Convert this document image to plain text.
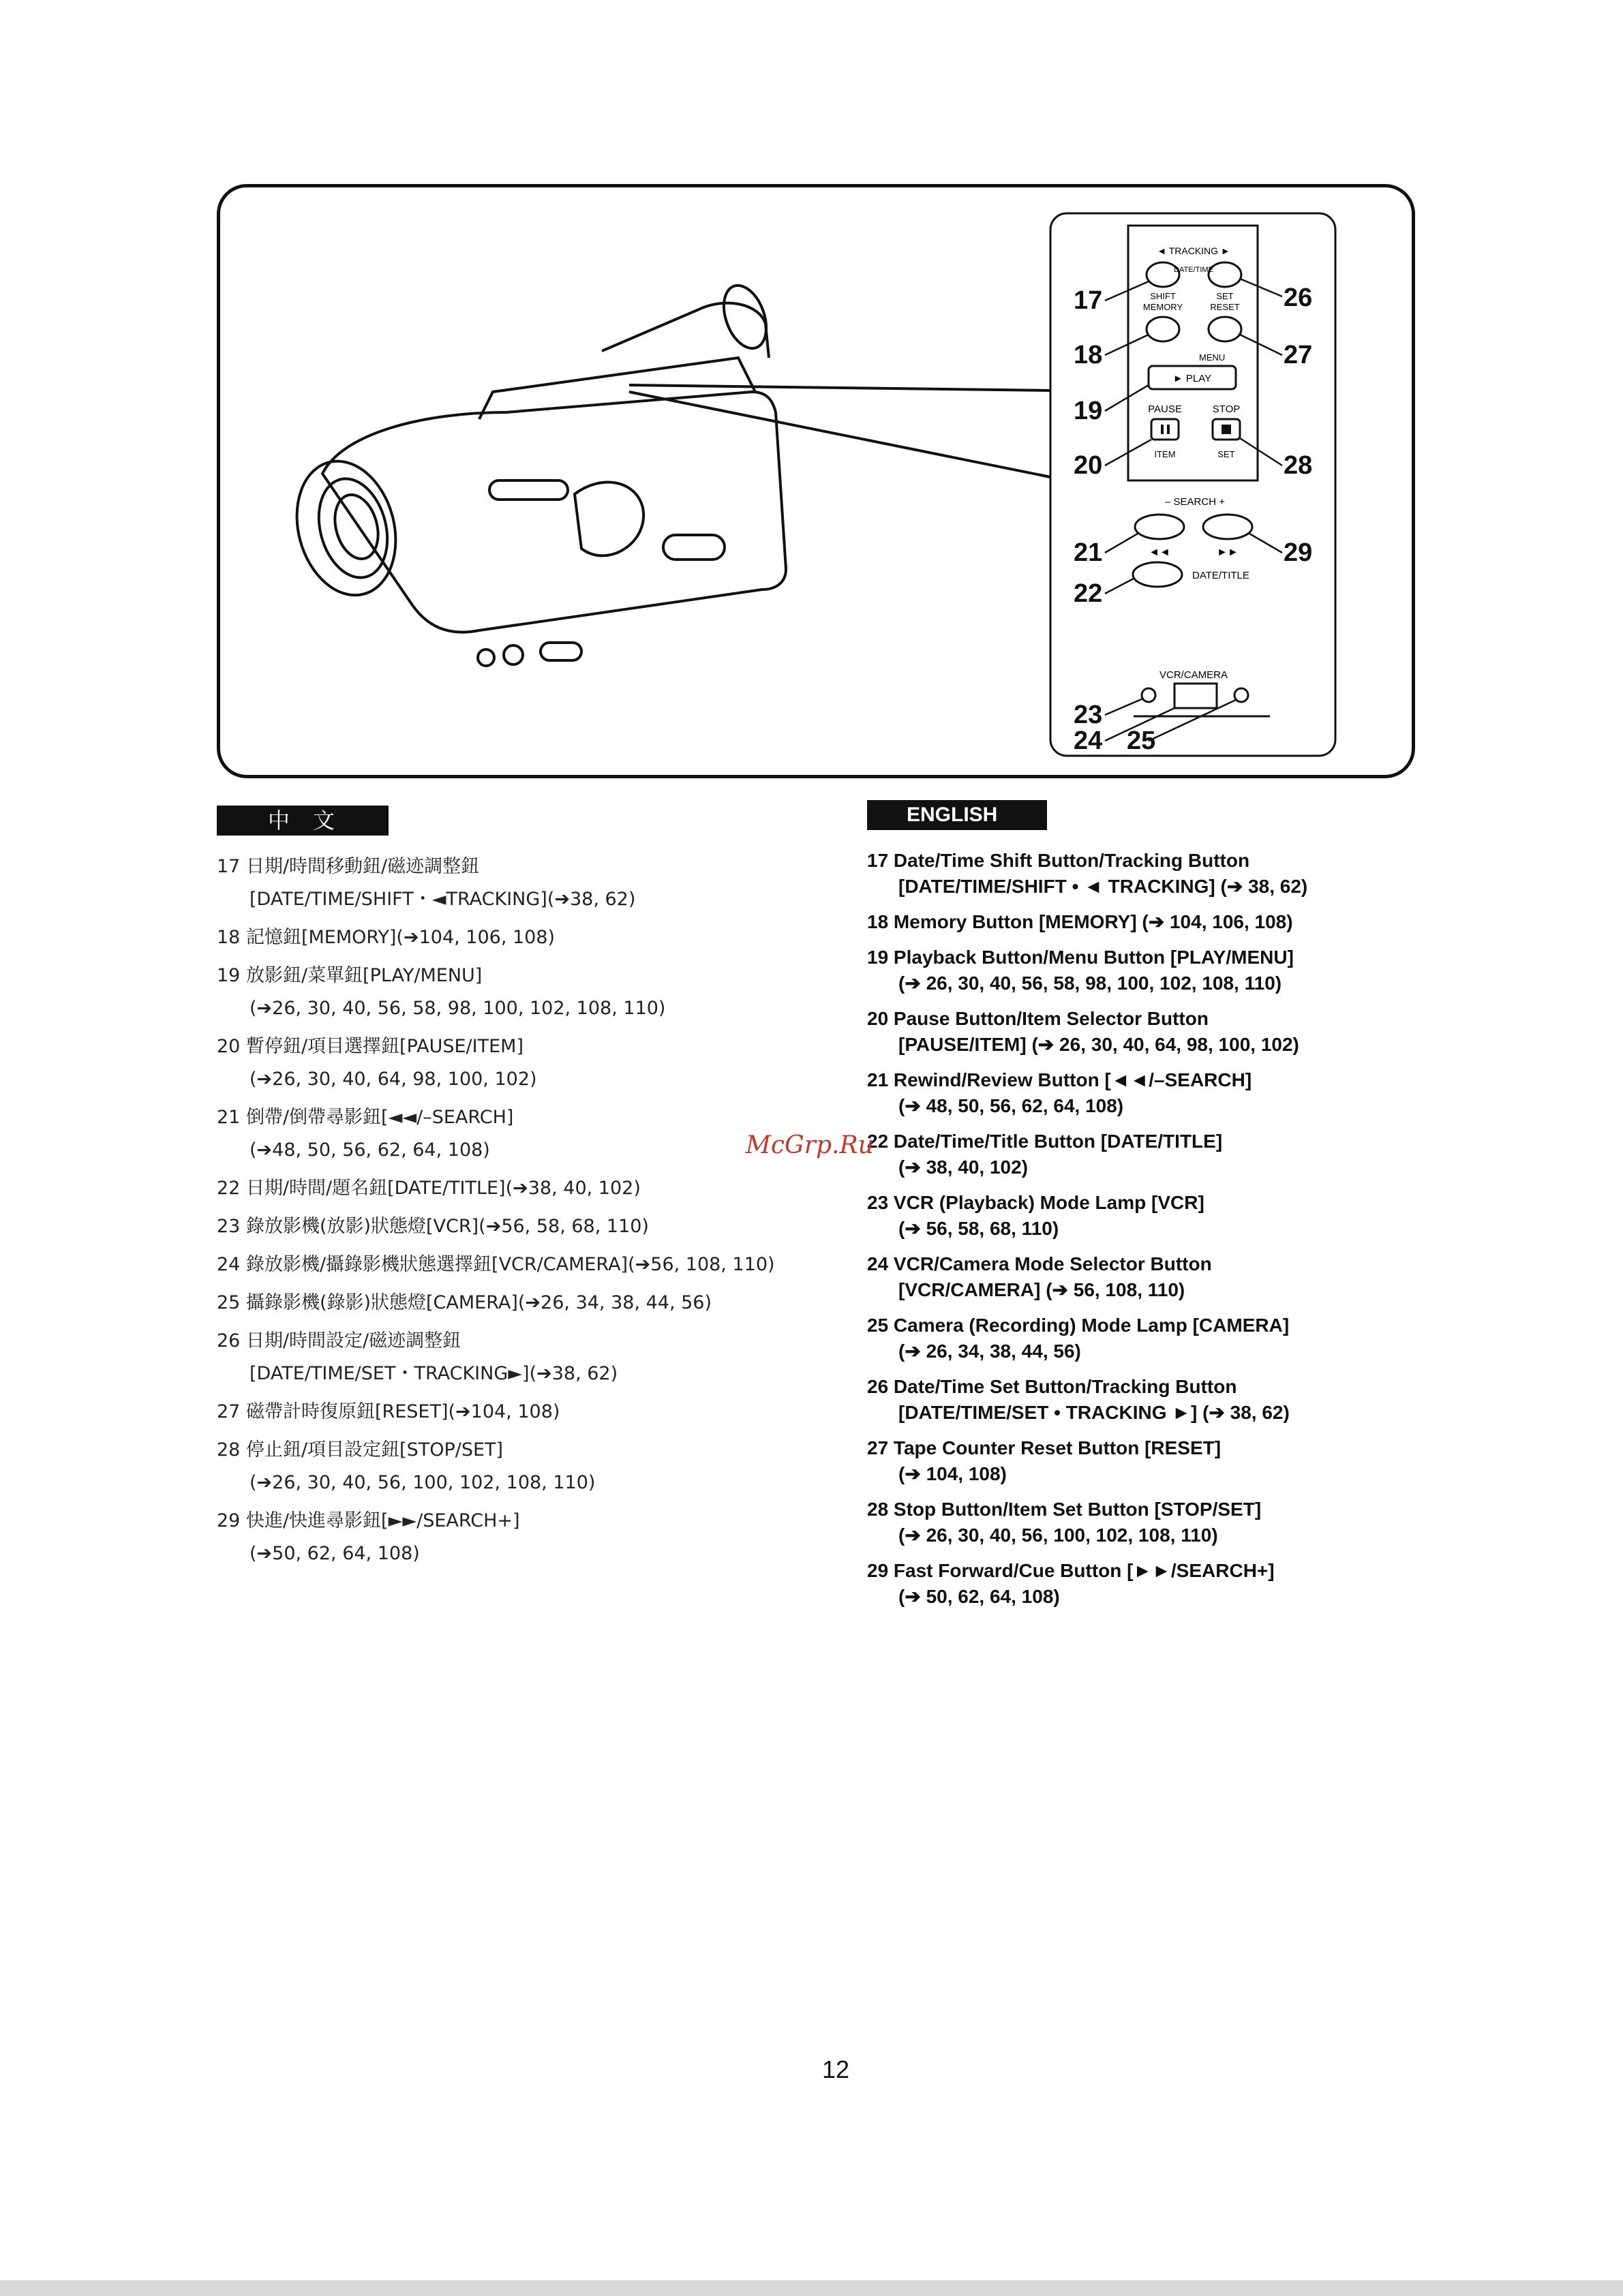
◄ TRACKING ►
DATE/TIME
SHIFT	SET
MEMORY	RESET
MENU
► PLAY
PAUSE	STOP
ITEM	SET
– SEARCH +
◄◄	►►
DATE/TITLE
VCR/CAMERA
17	26
18	27
19
20	28
21	29
22
23
24 25
中文	ENGLISH
17 日期/時間移動鈕/磁迹調整鈕
[DATE/TIME/SHIFT・◄TRACKING](➔38, 62)
18 記憶鈕[MEMORY](➔104, 106, 108)
19 放影鈕/菜單鈕[PLAY/MENU]
(➔26, 30, 40, 56, 58, 98, 100, 102, 108, 110)
20 暫停鈕/項目選擇鈕[PAUSE/ITEM]
(➔26, 30, 40, 64, 98, 100, 102)
21 倒帶/倒帶尋影鈕[◄◄/–SEARCH]
(➔48, 50, 56, 62, 64, 108)
22 日期/時間/題名鈕[DATE/TITLE](➔38, 40, 102)
23 錄放影機(放影)狀態燈[VCR](➔56, 58, 68, 110)
24 錄放影機/攝錄影機狀態選擇鈕[VCR/CAMERA](➔56, 108, 110)
25 攝錄影機(錄影)狀態燈[CAMERA](➔26, 34, 38, 44, 56)
26 日期/時間設定/磁迹調整鈕
[DATE/TIME/SET・TRACKING►](➔38, 62)
27 磁帶計時復原鈕[RESET](➔104, 108)
28 停止鈕/項目設定鈕[STOP/SET]
(➔26, 30, 40, 56, 100, 102, 108, 110)
29 快進/快進尋影鈕[►►/SEARCH+]
(➔50, 62, 64, 108)
17 Date/Time Shift Button/Tracking Button
[DATE/TIME/SHIFT • ◄ TRACKING] (➔ 38, 62)
18 Memory Button [MEMORY] (➔ 104, 106, 108)
19 Playback Button/Menu Button [PLAY/MENU]
(➔ 26, 30, 40, 56, 58, 98, 100, 102, 108, 110)
20 Pause Button/Item Selector Button
[PAUSE/ITEM] (➔ 26, 30, 40, 64, 98, 100, 102)
21 Rewind/Review Button [◄◄/–SEARCH]
(➔ 48, 50, 56, 62, 64, 108)
22 Date/Time/Title Button [DATE/TITLE]
(➔ 38, 40, 102)
23 VCR (Playback) Mode Lamp [VCR]
(➔ 56, 58, 68, 110)
24 VCR/Camera Mode Selector Button
[VCR/CAMERA] (➔ 56, 108, 110)
25 Camera (Recording) Mode Lamp [CAMERA]
(➔ 26, 34, 38, 44, 56)
26 Date/Time Set Button/Tracking Button
[DATE/TIME/SET • TRACKING ►] (➔ 38, 62)
27 Tape Counter Reset Button [RESET]
(➔ 104, 108)
28 Stop Button/Item Set Button [STOP/SET]
(➔ 26, 30, 40, 56, 100, 102, 108, 110)
29 Fast Forward/Cue Button [►►/SEARCH+]
(➔ 50, 62, 64, 108)
McGrp.Ru
12
